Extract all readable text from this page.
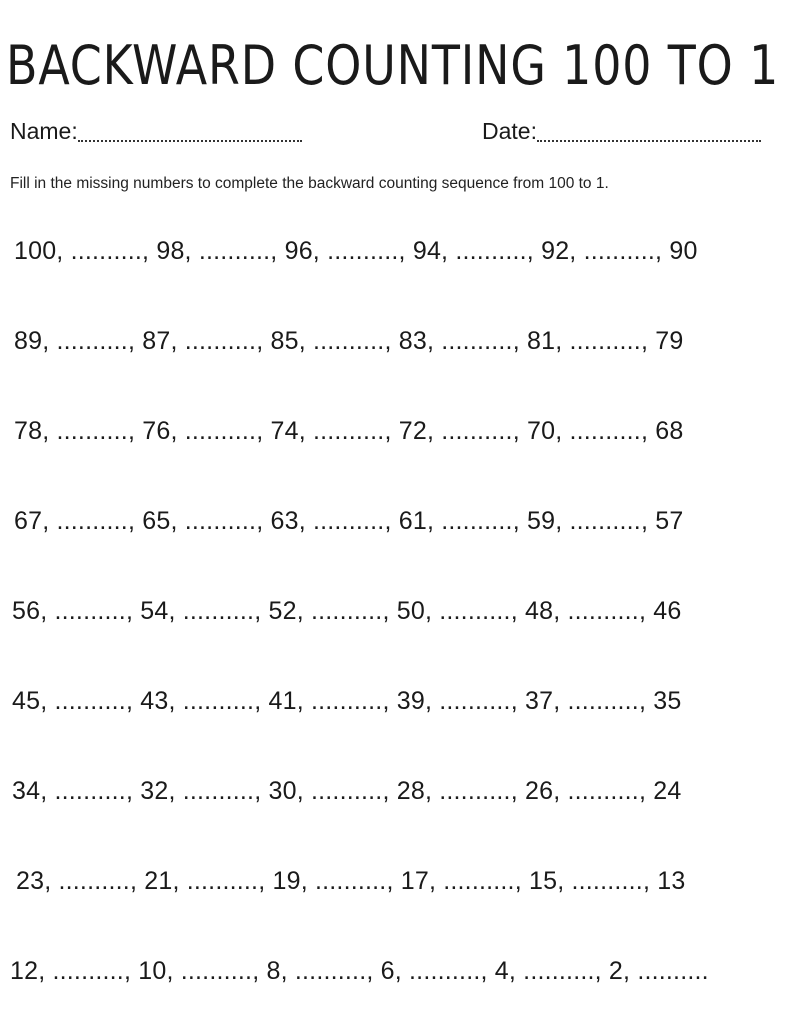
BACKWARD COUNTING 100 TO 1
Name:	Date:
Fill in the missing numbers to complete the backward counting sequence from 100 to 1.
100, .........., 98, .........., 96, .........., 94, .........., 92, .........., 90
89, .........., 87, .........., 85, .........., 83, .........., 81, .........., 79
78, .........., 76, .........., 74, .........., 72, .........., 70, .........., 68
67, .........., 65, .........., 63, .........., 61, .........., 59, .........., 57
56, .........., 54, .........., 52, .........., 50, .........., 48, .........., 46
45, .........., 43, .........., 41, .........., 39, .........., 37, .........., 35
34, .........., 32, .........., 30, .........., 28, .........., 26, .........., 24
23, .........., 21, .........., 19, .........., 17, .........., 15, .........., 13
12, .........., 10, .........., 8, .........., 6, .........., 4, .........., 2, ..........
